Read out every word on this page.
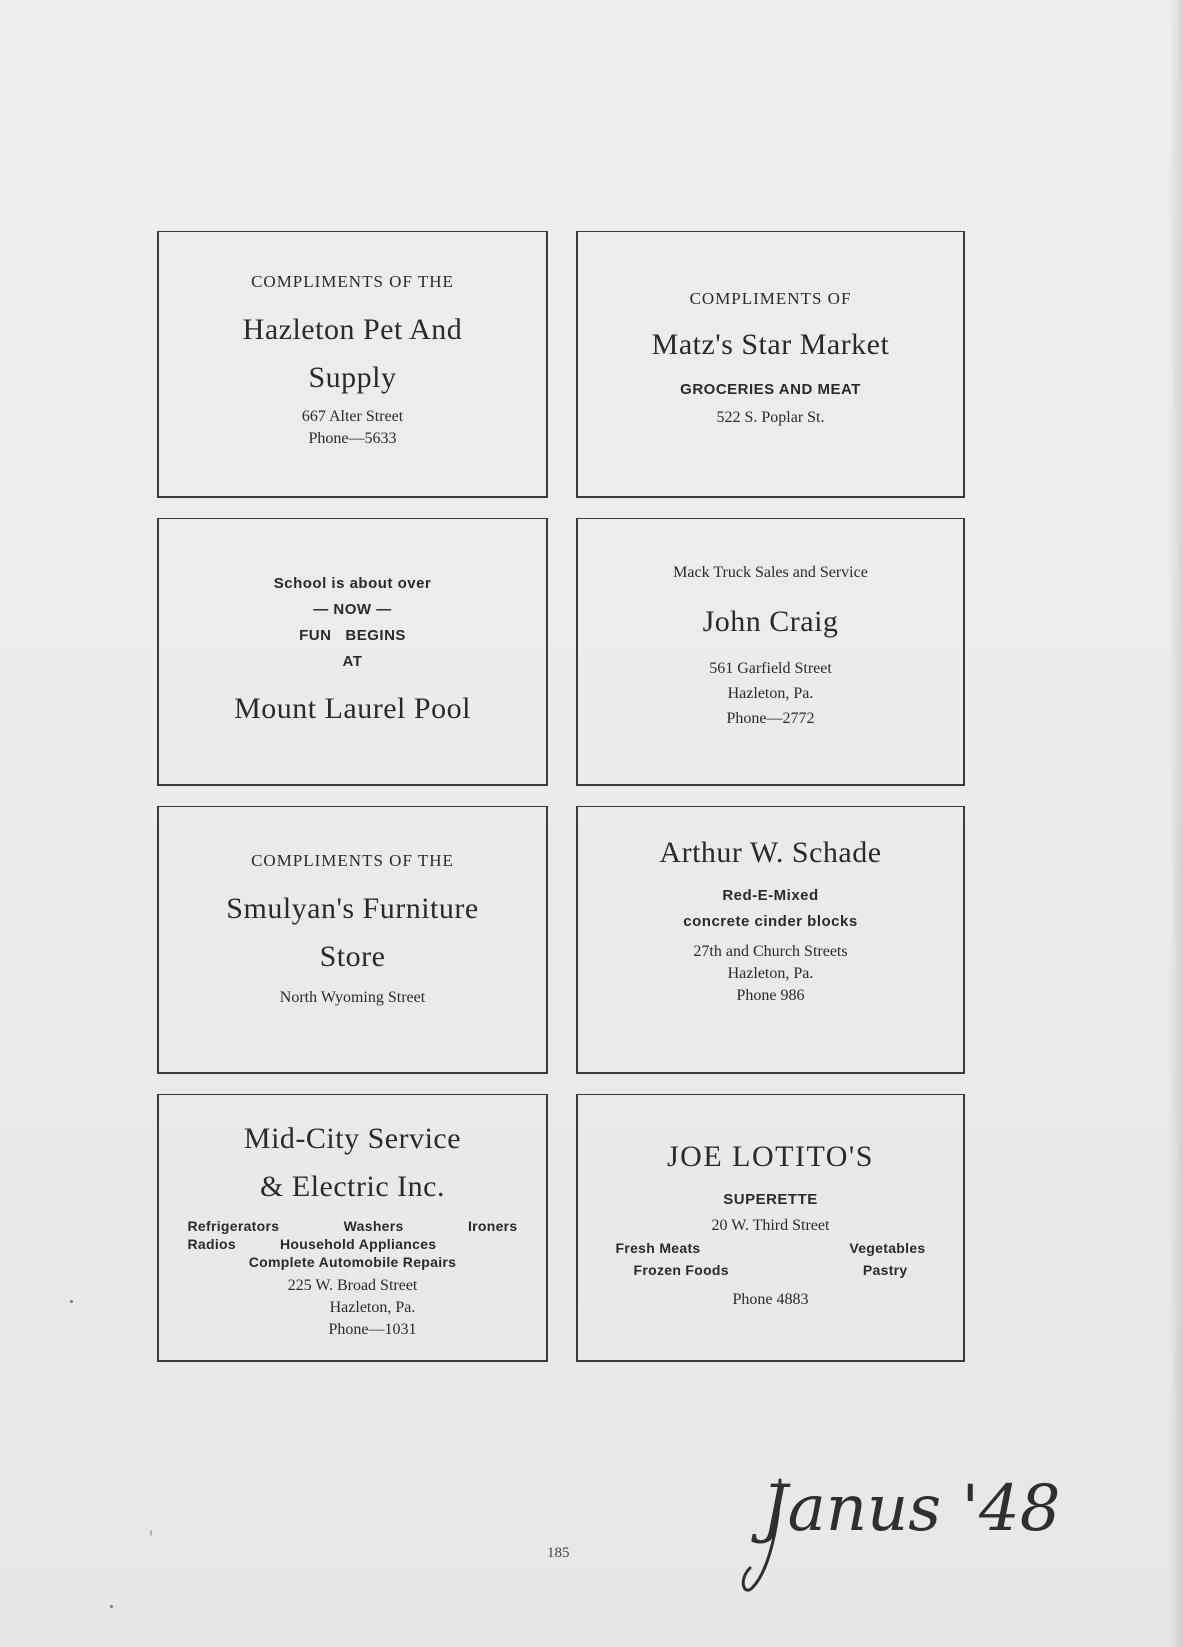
COMPLIMENTS OF THE
Hazleton Pet And
Supply
667 Alter Street
Phone—5633
COMPLIMENTS OF
Matz's Star Market
GROCERIES AND MEAT
522 S. Poplar St.
School is about over
— NOW —
FUN   BEGINS
AT
Mount Laurel Pool
Mack Truck Sales and Service
John Craig
561 Garfield Street
Hazleton, Pa.
Phone—2772
COMPLIMENTS OF THE
Smulyan's Furniture
Store
North Wyoming Street
Arthur W. Schade
Red-E-Mixed
concrete cinder blocks
27th and Church Streets
Hazleton, Pa.
Phone 986
Mid-City Service
& Electric Inc.
Refrigerators	Washers	Ironers
Radios	Household Appliances
Complete Automobile Repairs
225 W. Broad Street
Hazleton, Pa.
Phone—1031
JOE LOTITO'S
SUPERETTE
20 W. Third Street
Fresh Meats	Vegetables
Frozen Foods	Pastry
Phone 4883
185
Janus '48
